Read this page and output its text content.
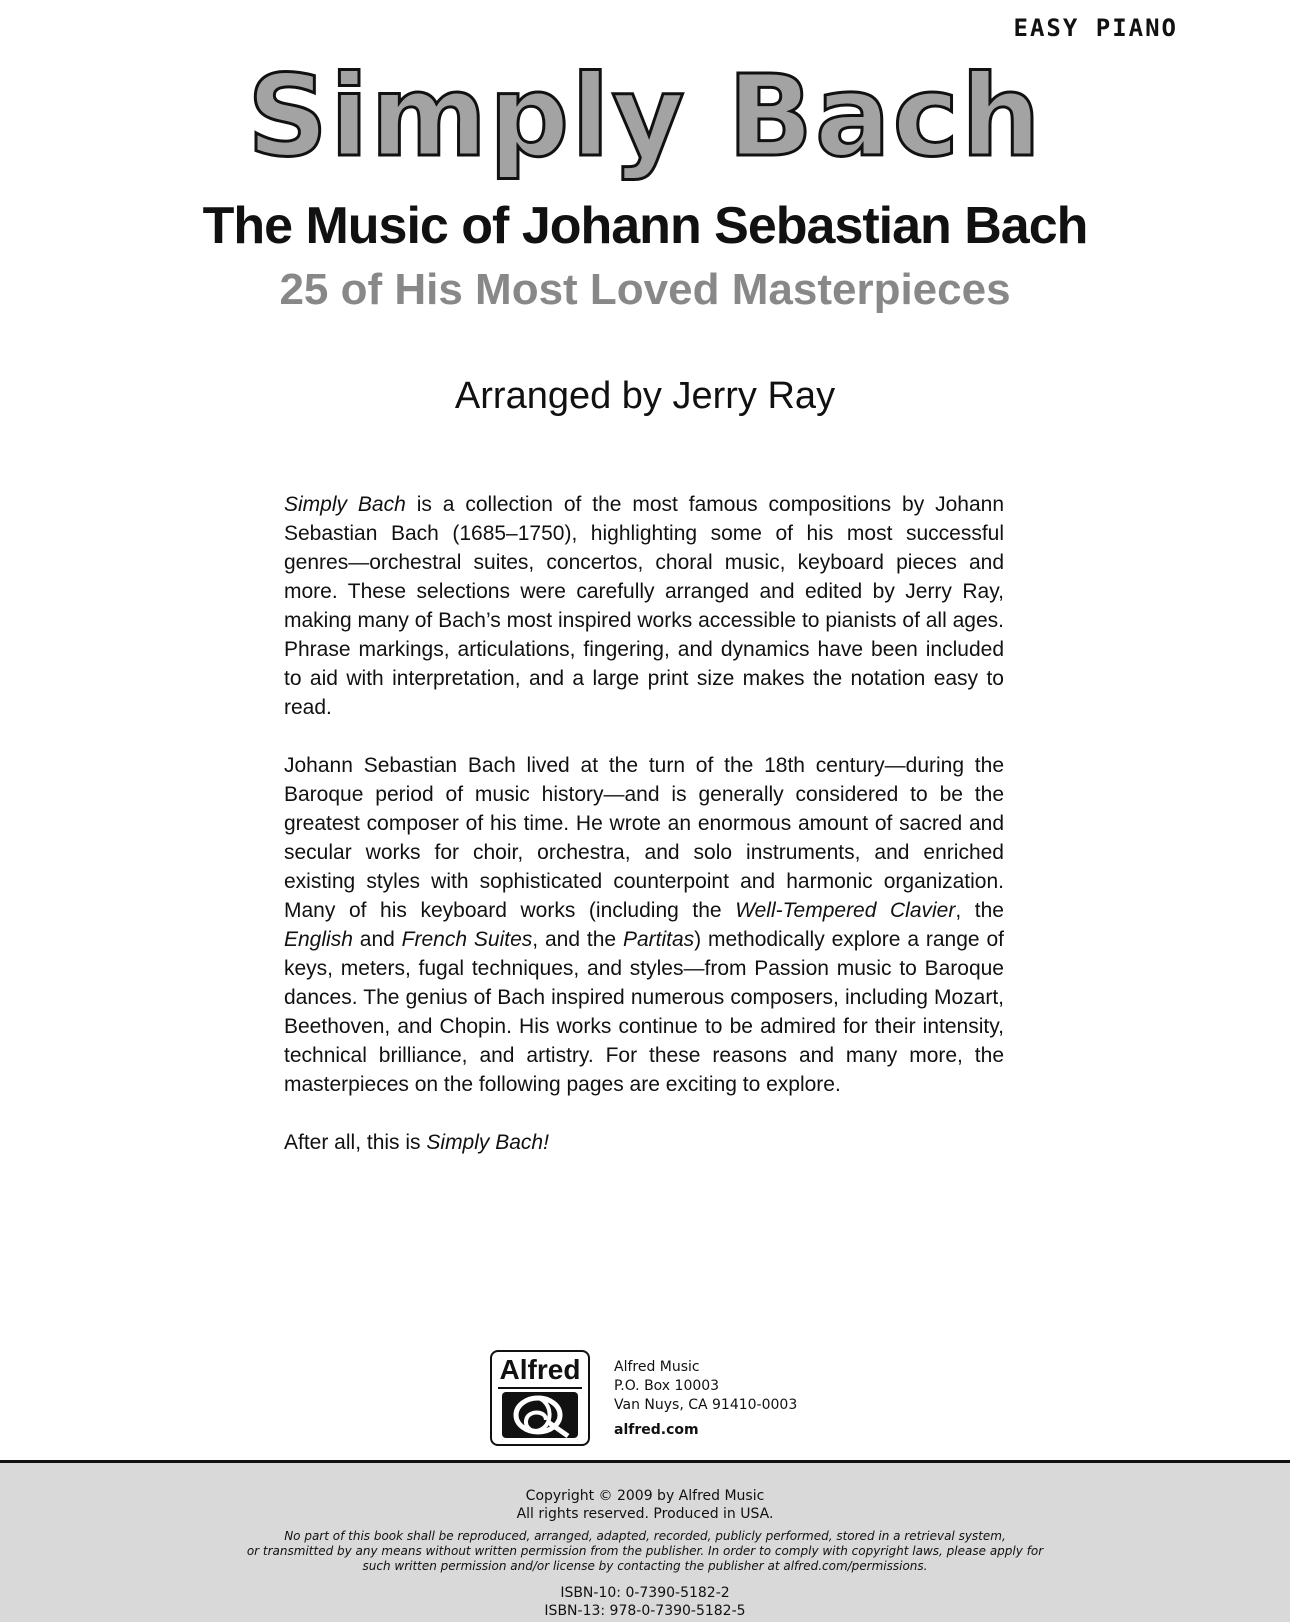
EASY PIANO
Simply Bach
The Music of Johann Sebastian Bach
25 of His Most Loved Masterpieces
Arranged by Jerry Ray

Simply Bach is a collection of the most famous compositions by Johann Sebastian Bach (1685–1750), highlighting some of his most successful genres—orchestral suites, concertos, choral music, keyboard pieces and more. These selections were carefully arranged and edited by Jerry Ray, making many of Bach’s most inspired works accessible to pianists of all ages. Phrase markings, articulations, fingering, and dynamics have been included to aid with interpretation, and a large print size makes the notation easy to read.

Johann Sebastian Bach lived at the turn of the 18th century—during the Baroque period of music history—and is generally considered to be the greatest composer of his time. He wrote an enormous amount of sacred and secular works for choir, orchestra, and solo instruments, and enriched existing styles with sophisticated counterpoint and harmonic organization. Many of his keyboard works (including the Well-Tempered Clavier, the English and French Suites, and the Partitas) methodically explore a range of keys, meters, fugal techniques, and styles—from Passion music to Baroque dances. The genius of Bach inspired numerous composers, including Mozart, Beethoven, and Chopin. His works continue to be admired for their intensity, technical brilliance, and artistry. For these reasons and many more, the masterpieces on the following pages are exciting to explore.

After all, this is Simply Bach!

Alfred	Alfred Music
P.O. Box 10003
Van Nuys, CA 91410-0003
alfred.com
Copyright © 2009 by Alfred Music
All rights reserved. Produced in USA.
No part of this book shall be reproduced, arranged, adapted, recorded, publicly performed, stored in a retrieval system,
or transmitted by any means without written permission from the publisher. In order to comply with copyright laws, please apply for
such written permission and/or license by contacting the publisher at alfred.com/permissions.
ISBN-10: 0-7390-5182-2
ISBN-13: 978-0-7390-5182-5
